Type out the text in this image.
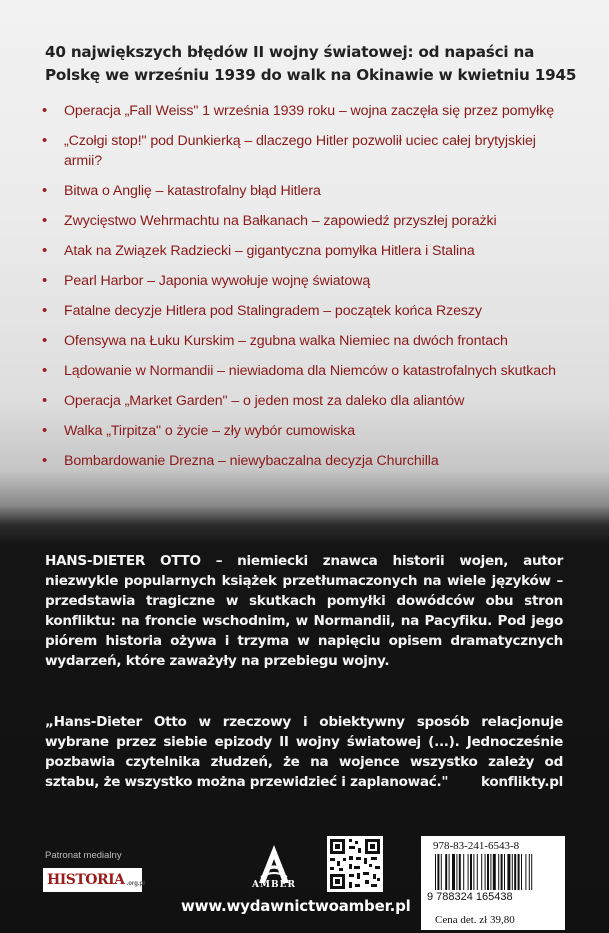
40 największych błędów II wojny światowej: od napaści na Polskę we wrześniu 1939 do walk na Okinawie w kwietniu 1945
• Operacja „Fall Weiss" 1 września 1939 roku – wojna zaczęła się przez pomyłkę
• „Czołgi stop!" pod Dunkierką – dlaczego Hitler pozwolił uciec całej brytyjskiej armii?
• Bitwa o Anglię – katastrofalny błąd Hitlera
• Zwycięstwo Wehrmachtu na Bałkanach – zapowiedź przyszłej porażki
• Atak na Związek Radziecki – gigantyczna pomyłka Hitlera i Stalina
• Pearl Harbor – Japonia wywołuje wojnę światową
• Fatalne decyzje Hitlera pod Stalingradem – początek końca Rzeszy
• Ofensywa na Łuku Kurskim – zgubna walka Niemiec na dwóch frontach
• Lądowanie w Normandii – niewiadoma dla Niemców o katastrofalnych skutkach
• Operacja „Market Garden" – o jeden most za daleko dla aliantów
• Walka „Tirpitza" o życie – zły wybór cumowiska
• Bombardowanie Drezna – niewybaczalna decyzja Churchilla
HANS-DIETER OTTO – niemiecki znawca historii wojen, autor niezwykle popularnych książek przetłumaczonych na wiele języków – przedstawia tragiczne w skutkach pomyłki dowódców obu stron konfliktu: na froncie wschodnim, w Normandii, na Pacyfiku. Pod jego piórem historia ożywa i trzyma w napięciu opisem dramatycznych wydarzeń, które zaważyły na przebiegu wojny.
„Hans-Dieter Otto w rzeczowy i obiektywny sposób relacjonuje wybrane przez siebie epizody II wojny światowej (...). Jednocześnie pozbawia czytelnika złudzeń, że na wojence wszystko zależy od sztabu, że wszystko można przewidzieć i zaplanować." konflikty.pl
Patronat medialny
HISTORIA .org.pl	AMBER
978-83-241-6543-8
9 788324 165438
Cena det. zł 39,80
www.wydawnictwoamber.pl
